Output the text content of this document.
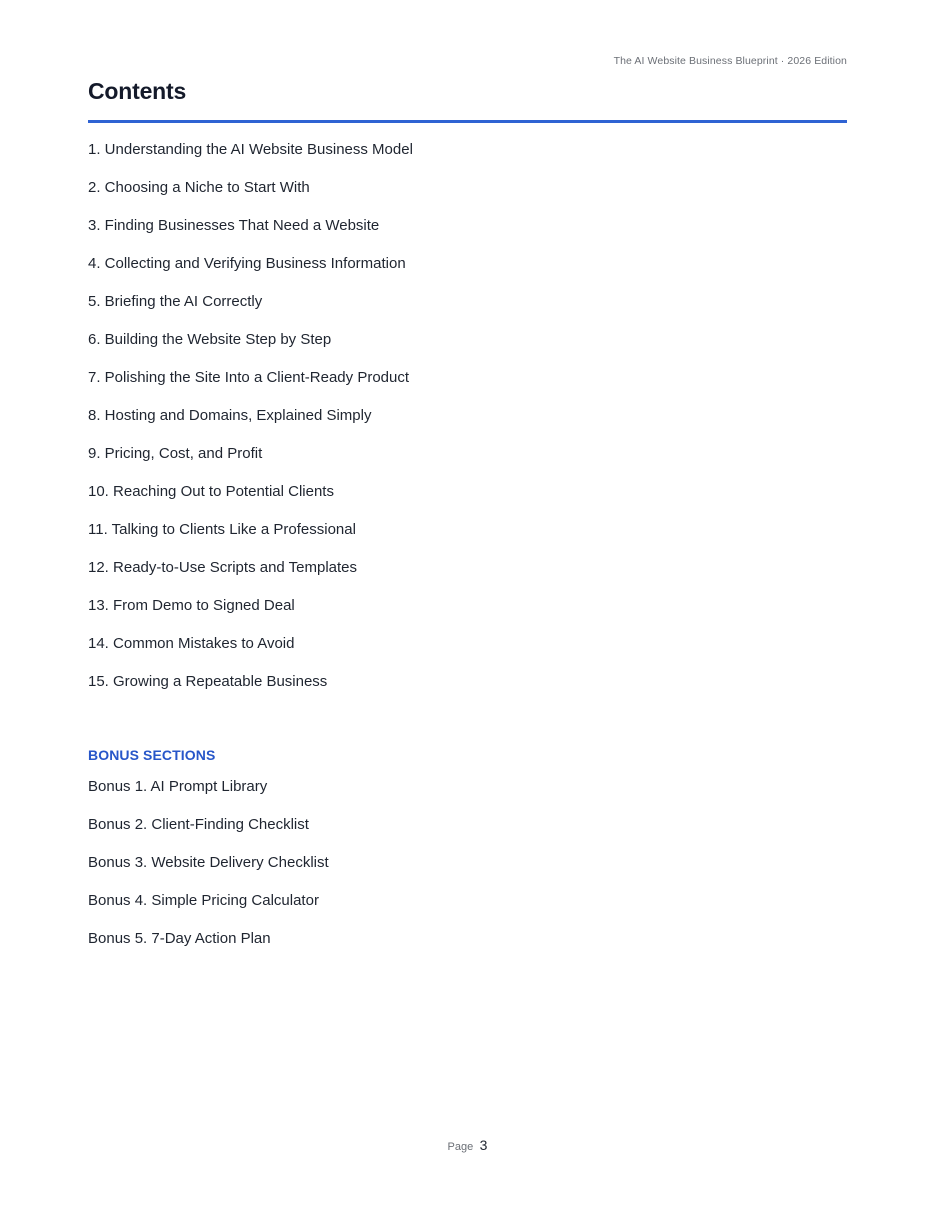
The AI Website Business Blueprint · 2026 Edition
Contents
1. Understanding the AI Website Business Model
2. Choosing a Niche to Start With
3. Finding Businesses That Need a Website
4. Collecting and Verifying Business Information
5. Briefing the AI Correctly
6. Building the Website Step by Step
7. Polishing the Site Into a Client-Ready Product
8. Hosting and Domains, Explained Simply
9. Pricing, Cost, and Profit
10. Reaching Out to Potential Clients
11. Talking to Clients Like a Professional
12. Ready-to-Use Scripts and Templates
13. From Demo to Signed Deal
14. Common Mistakes to Avoid
15. Growing a Repeatable Business
BONUS SECTIONS
Bonus 1. AI Prompt Library
Bonus 2. Client-Finding Checklist
Bonus 3. Website Delivery Checklist
Bonus 4. Simple Pricing Calculator
Bonus 5. 7-Day Action Plan
Page 3
